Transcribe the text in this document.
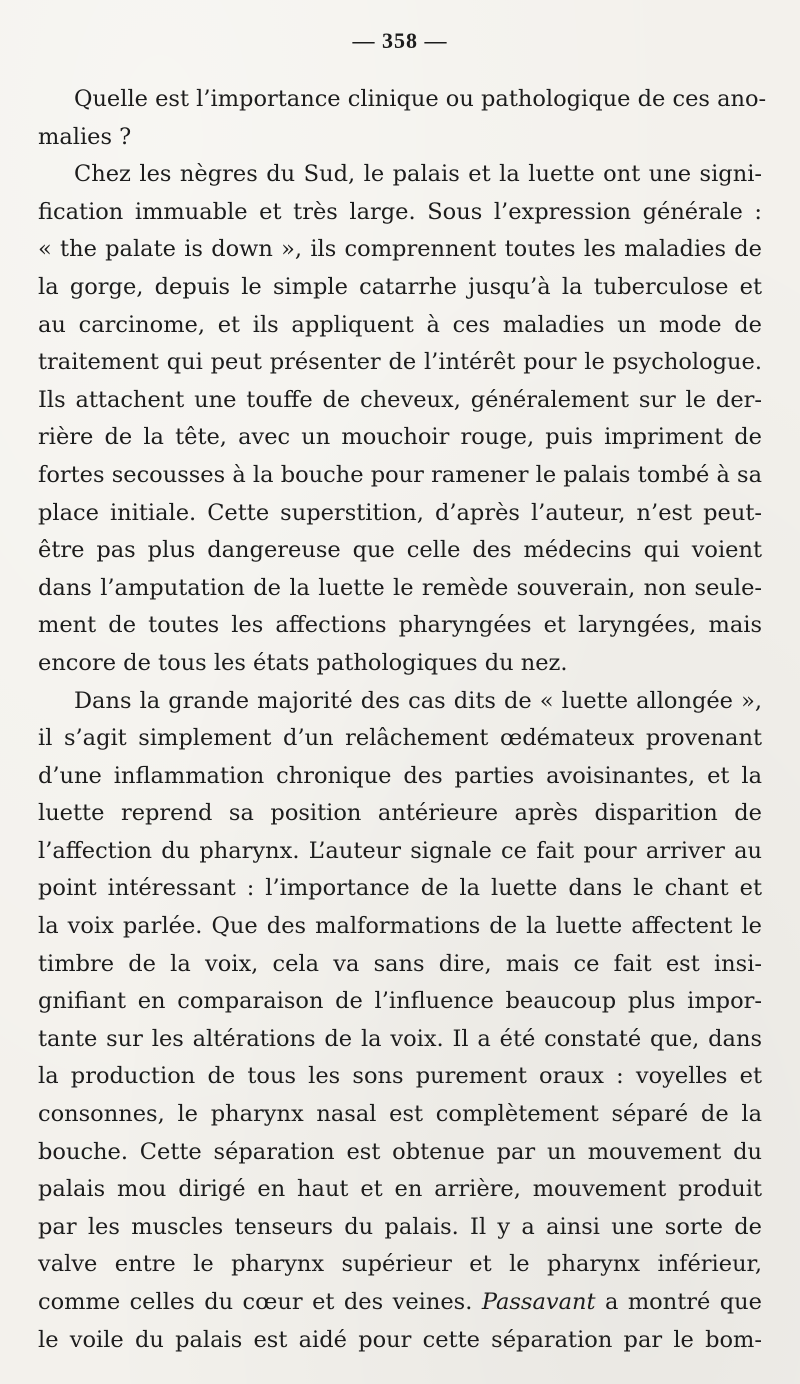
— 358 —
Quelle est l’importance clinique ou pathologique de ces ano-
malies ?
Chez les nègres du Sud, le palais et la luette ont une signi-
fication immuable et très large. Sous l’expression générale :
« the palate is down », ils comprennent toutes les maladies de
la gorge, depuis le simple catarrhe jusqu’à la tuberculose et
au carcinome, et ils appliquent à ces maladies un mode de
traitement qui peut présenter de l’intérêt pour le psychologue.
Ils attachent une touffe de cheveux, généralement sur le der-
rière de la tête, avec un mouchoir rouge, puis impriment de
fortes secousses à la bouche pour ramener le palais tombé à sa
place initiale. Cette superstition, d’après l’auteur, n’est peut-
être pas plus dangereuse que celle des médecins qui voient
dans l’amputation de la luette le remède souverain, non seule-
ment de toutes les affections pharyngées et laryngées, mais
encore de tous les états pathologiques du nez.
Dans la grande majorité des cas dits de « luette allongée »,
il s’agit simplement d’un relâchement œdémateux provenant
d’une inflammation chronique des parties avoisinantes, et la
luette reprend sa position antérieure après disparition de
l’affection du pharynx. L’auteur signale ce fait pour arriver au
point intéressant : l’importance de la luette dans le chant et
la voix parlée. Que des malformations de la luette affectent le
timbre de la voix, cela va sans dire, mais ce fait est insi-
gnifiant en comparaison de l’influence beaucoup plus impor-
tante sur les altérations de la voix. Il a été constaté que, dans
la production de tous les sons purement oraux : voyelles et
consonnes, le pharynx nasal est complètement séparé de la
bouche. Cette séparation est obtenue par un mouvement du
palais mou dirigé en haut et en arrière, mouvement produit
par les muscles tenseurs du palais. Il y a ainsi une sorte de
valve entre le pharynx supérieur et le pharynx inférieur,
comme celles du cœur et des veines. Passavant a montré que
le voile du palais est aidé pour cette séparation par le bom-
